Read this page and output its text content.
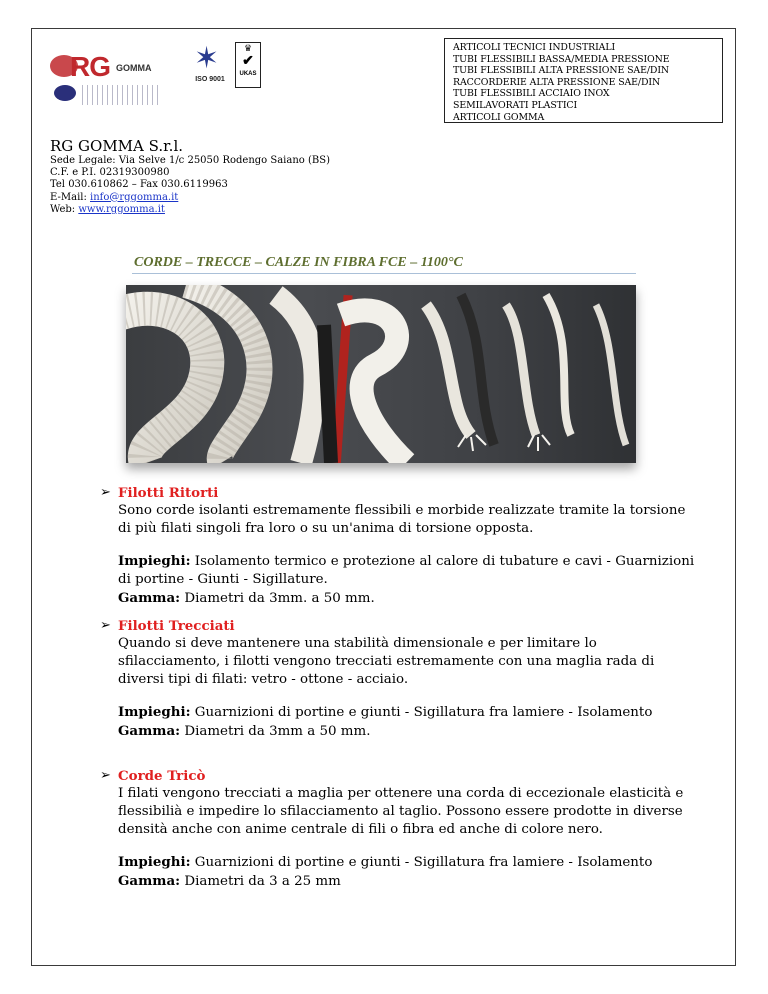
RG GOMMA ✶
ISO 9001
♛
✔
UKAS
ARTICOLI TECNICI INDUSTRIALI
TUBI FLESSIBILI BASSA/MEDIA PRESSIONE
TUBI FLESSIBILI ALTA PRESSIONE SAE/DIN
RACCORDERIE ALTA PRESSIONE SAE/DIN
TUBI FLESSIBILI ACCIAIO INOX
SEMILAVORATI PLASTICI
ARTICOLI GOMMA
RG GOMMA S.r.l.
Sede Legale: Via Selve 1/c 25050 Rodengo Saiano (BS)
C.F. e P.I. 02319300980
Tel 030.610862 – Fax 030.6119963
E-Mail: info@rggomma.it
Web: www.rggomma.it
CORDE – TRECCE – CALZE IN FIBRA FCE – 1100°C
➢ Filotti Ritorti

Sono corde isolanti estremamente flessibili e morbide realizzate tramite la torsione di più filati singoli fra loro o su un'anima di torsione opposta.

Impieghi: Isolamento termico e protezione al calore di tubature e cavi - Guarnizioni di portine - Giunti - Sigillature.

Gamma: Diametri da 3mm. a 50 mm.

➢ Filotti Trecciati

Quando si deve mantenere una stabilità dimensionale e per limitare lo sfilacciamento, i filotti vengono trecciati estremamente con una maglia rada di diversi tipi di filati: vetro - ottone - acciaio.

Impieghi: Guarnizioni di portine e giunti - Sigillatura fra lamiere - Isolamento

Gamma: Diametri da 3mm a 50 mm.

➢ Corde Tricò

I filati vengono trecciati a maglia per ottenere una corda di eccezionale elasticità e flessibilià e impedire lo sfilacciamento al taglio. Possono essere prodotte in diverse densità anche con anime centrale di fili o fibra ed anche di colore nero.

Impieghi: Guarnizioni di portine e giunti - Sigillatura fra lamiere - Isolamento

Gamma: Diametri da 3 a 25 mm
